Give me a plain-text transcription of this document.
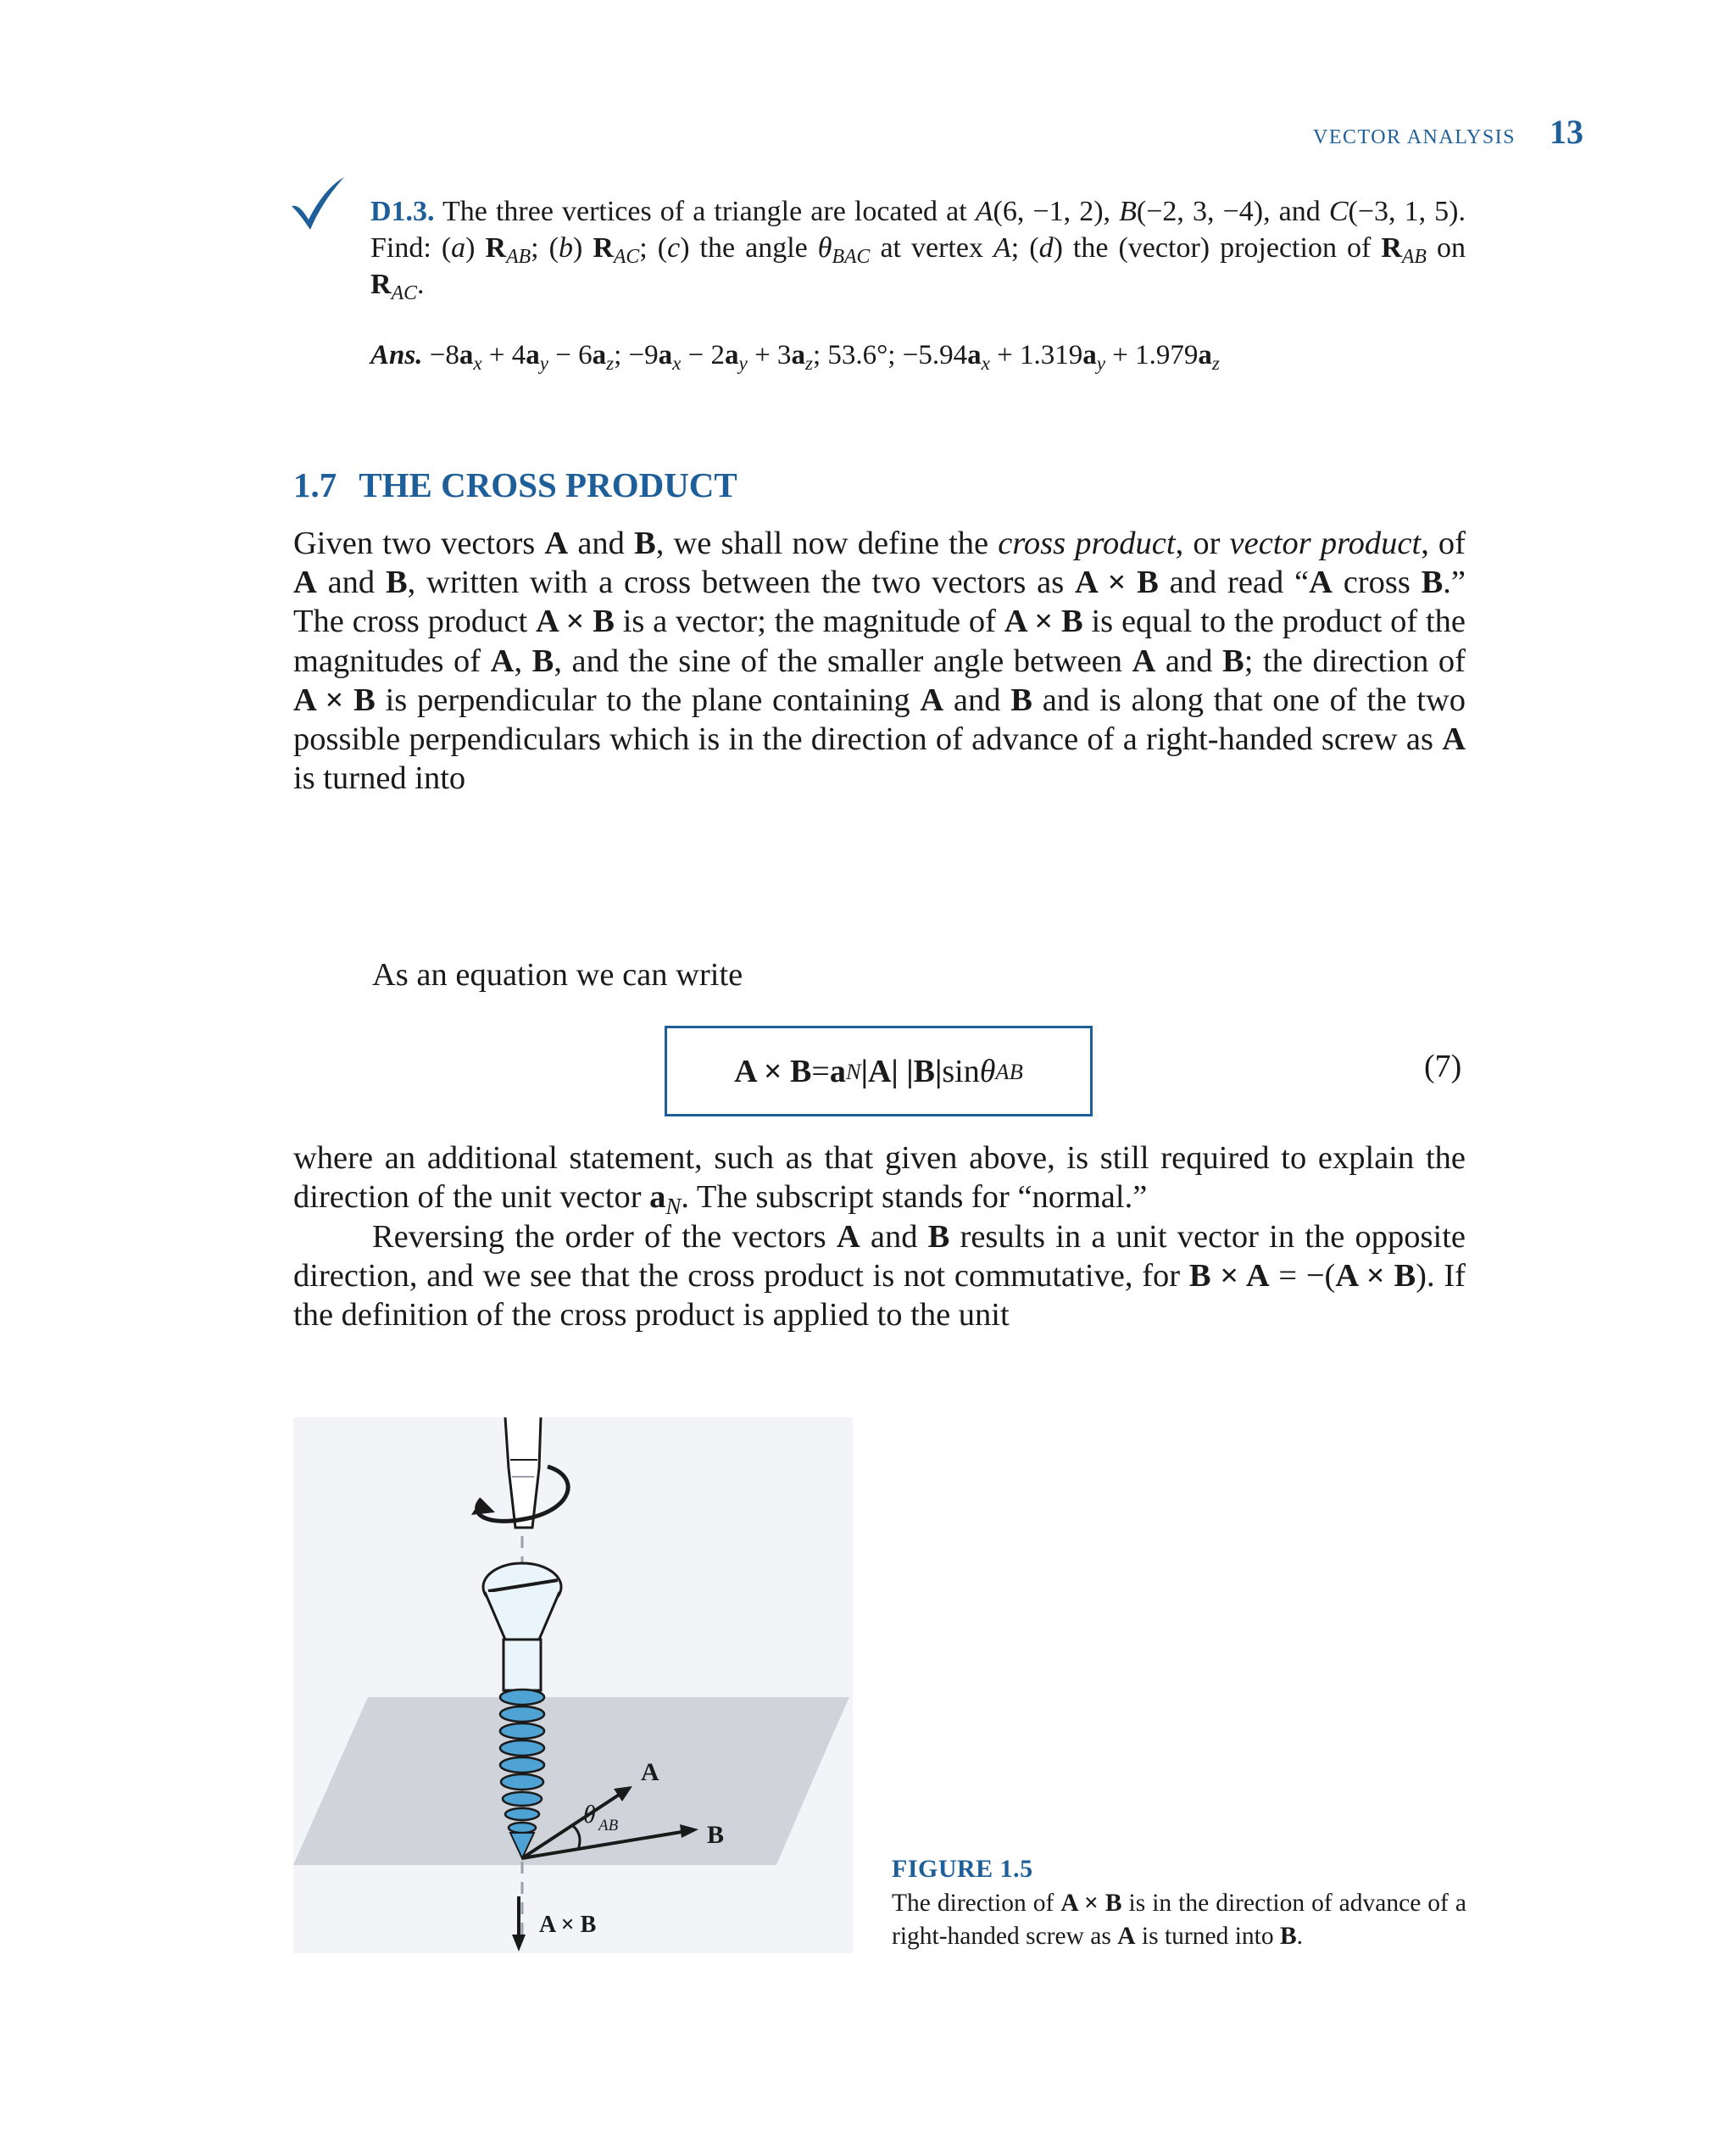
VECTOR ANALYSIS 13
D1.3. The three vertices of a triangle are located at A(6, −1, 2), B(−2, 3, −4), and C(−3, 1, 5). Find: (a) $R_{AB}$; (b) $R_{AC}$; (c) the angle $\theta_{BAC}$ at vertex A; (d) the (vector) projection of $R_{AB}$ on $R_{AC}$.
Ans. $-8a_x + 4a_y - 6a_z$; $-9a_x - 2a_y + 3a_z$; 53.6°; $-5.94a_x + 1.319a_y + 1.979a_z$
1.7 THE CROSS PRODUCT
Given two vectors A and B, we shall now define the cross product, or vector product, of A and B, written with a cross between the two vectors as A × B and read “A cross B.” The cross product A × B is a vector; the magnitude of A × B is equal to the product of the magnitudes of A, B, and the sine of the smaller angle between A and B; the direction of A × B is perpendicular to the plane containing A and B and is along that one of the two possible perpendiculars which is in the direction of advance of a right-handed screw as A is turned into
As an equation we can write
A × B = a N |A|
|B| sin θ AB	(7)
where an additional statement, such as that given above, is still required to explain the direction of the unit vector $a_N$. The subscript stands for “normal.”
Reversing the order of the vectors A and B results in a unit vector in the opposite direction, and we see that the cross product is not commutative, for B × A = −(A × B). If the definition of the cross product is applied to the unit
A
B
θ AB
A × B
FIGURE 1.5
The direction of A × B is in the direction of advance of a right-handed screw as A is turned into B.
